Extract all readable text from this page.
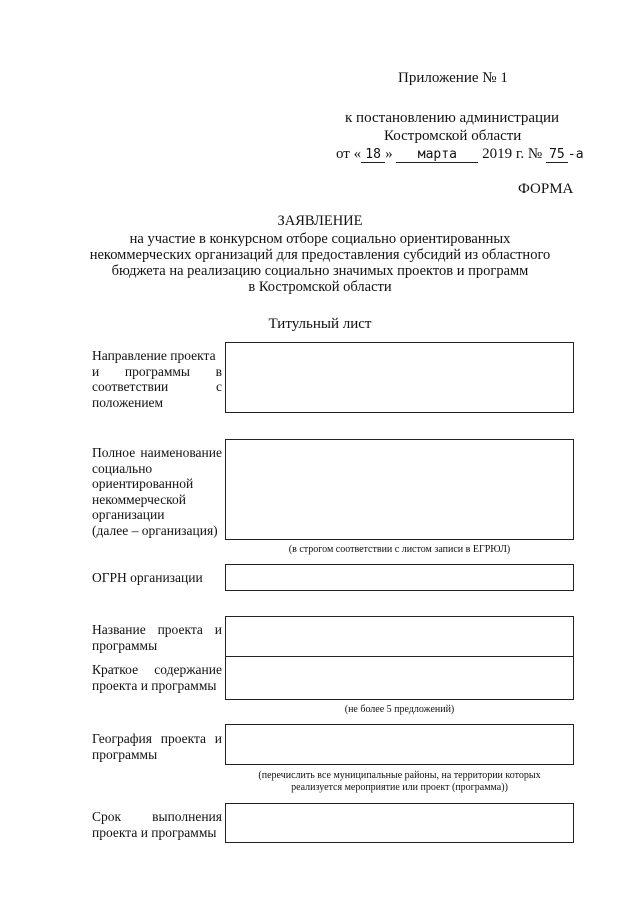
Приложение № 1
к постановлению администрации
Костромской области
от « 18 » марта 2019 г. № 75 -а
ФОРМА
ЗАЯВЛЕНИЕ
на участие в конкурсном отборе социально ориентированных
некоммерческих организаций для предоставления субсидий из областного
бюджета на реализацию социально значимых проектов и программ
в Костромской области
Титульный лист
Направление проекта
и программы в
соответствии с
положением
Полное наименование
социально
ориентированной
некоммерческой
организации
(далее – организация)
(в строгом соответствии с листом записи в ЕГРЮЛ)
ОГРН организации
Название проекта и
программы
Краткое содержание
проекта и программы
(не более 5 предложений)
География проекта и
программы
(перечислить все муниципальные районы, на территории которых
реализуется мероприятие или проект (программа))
Срок выполнения
проекта и программы
